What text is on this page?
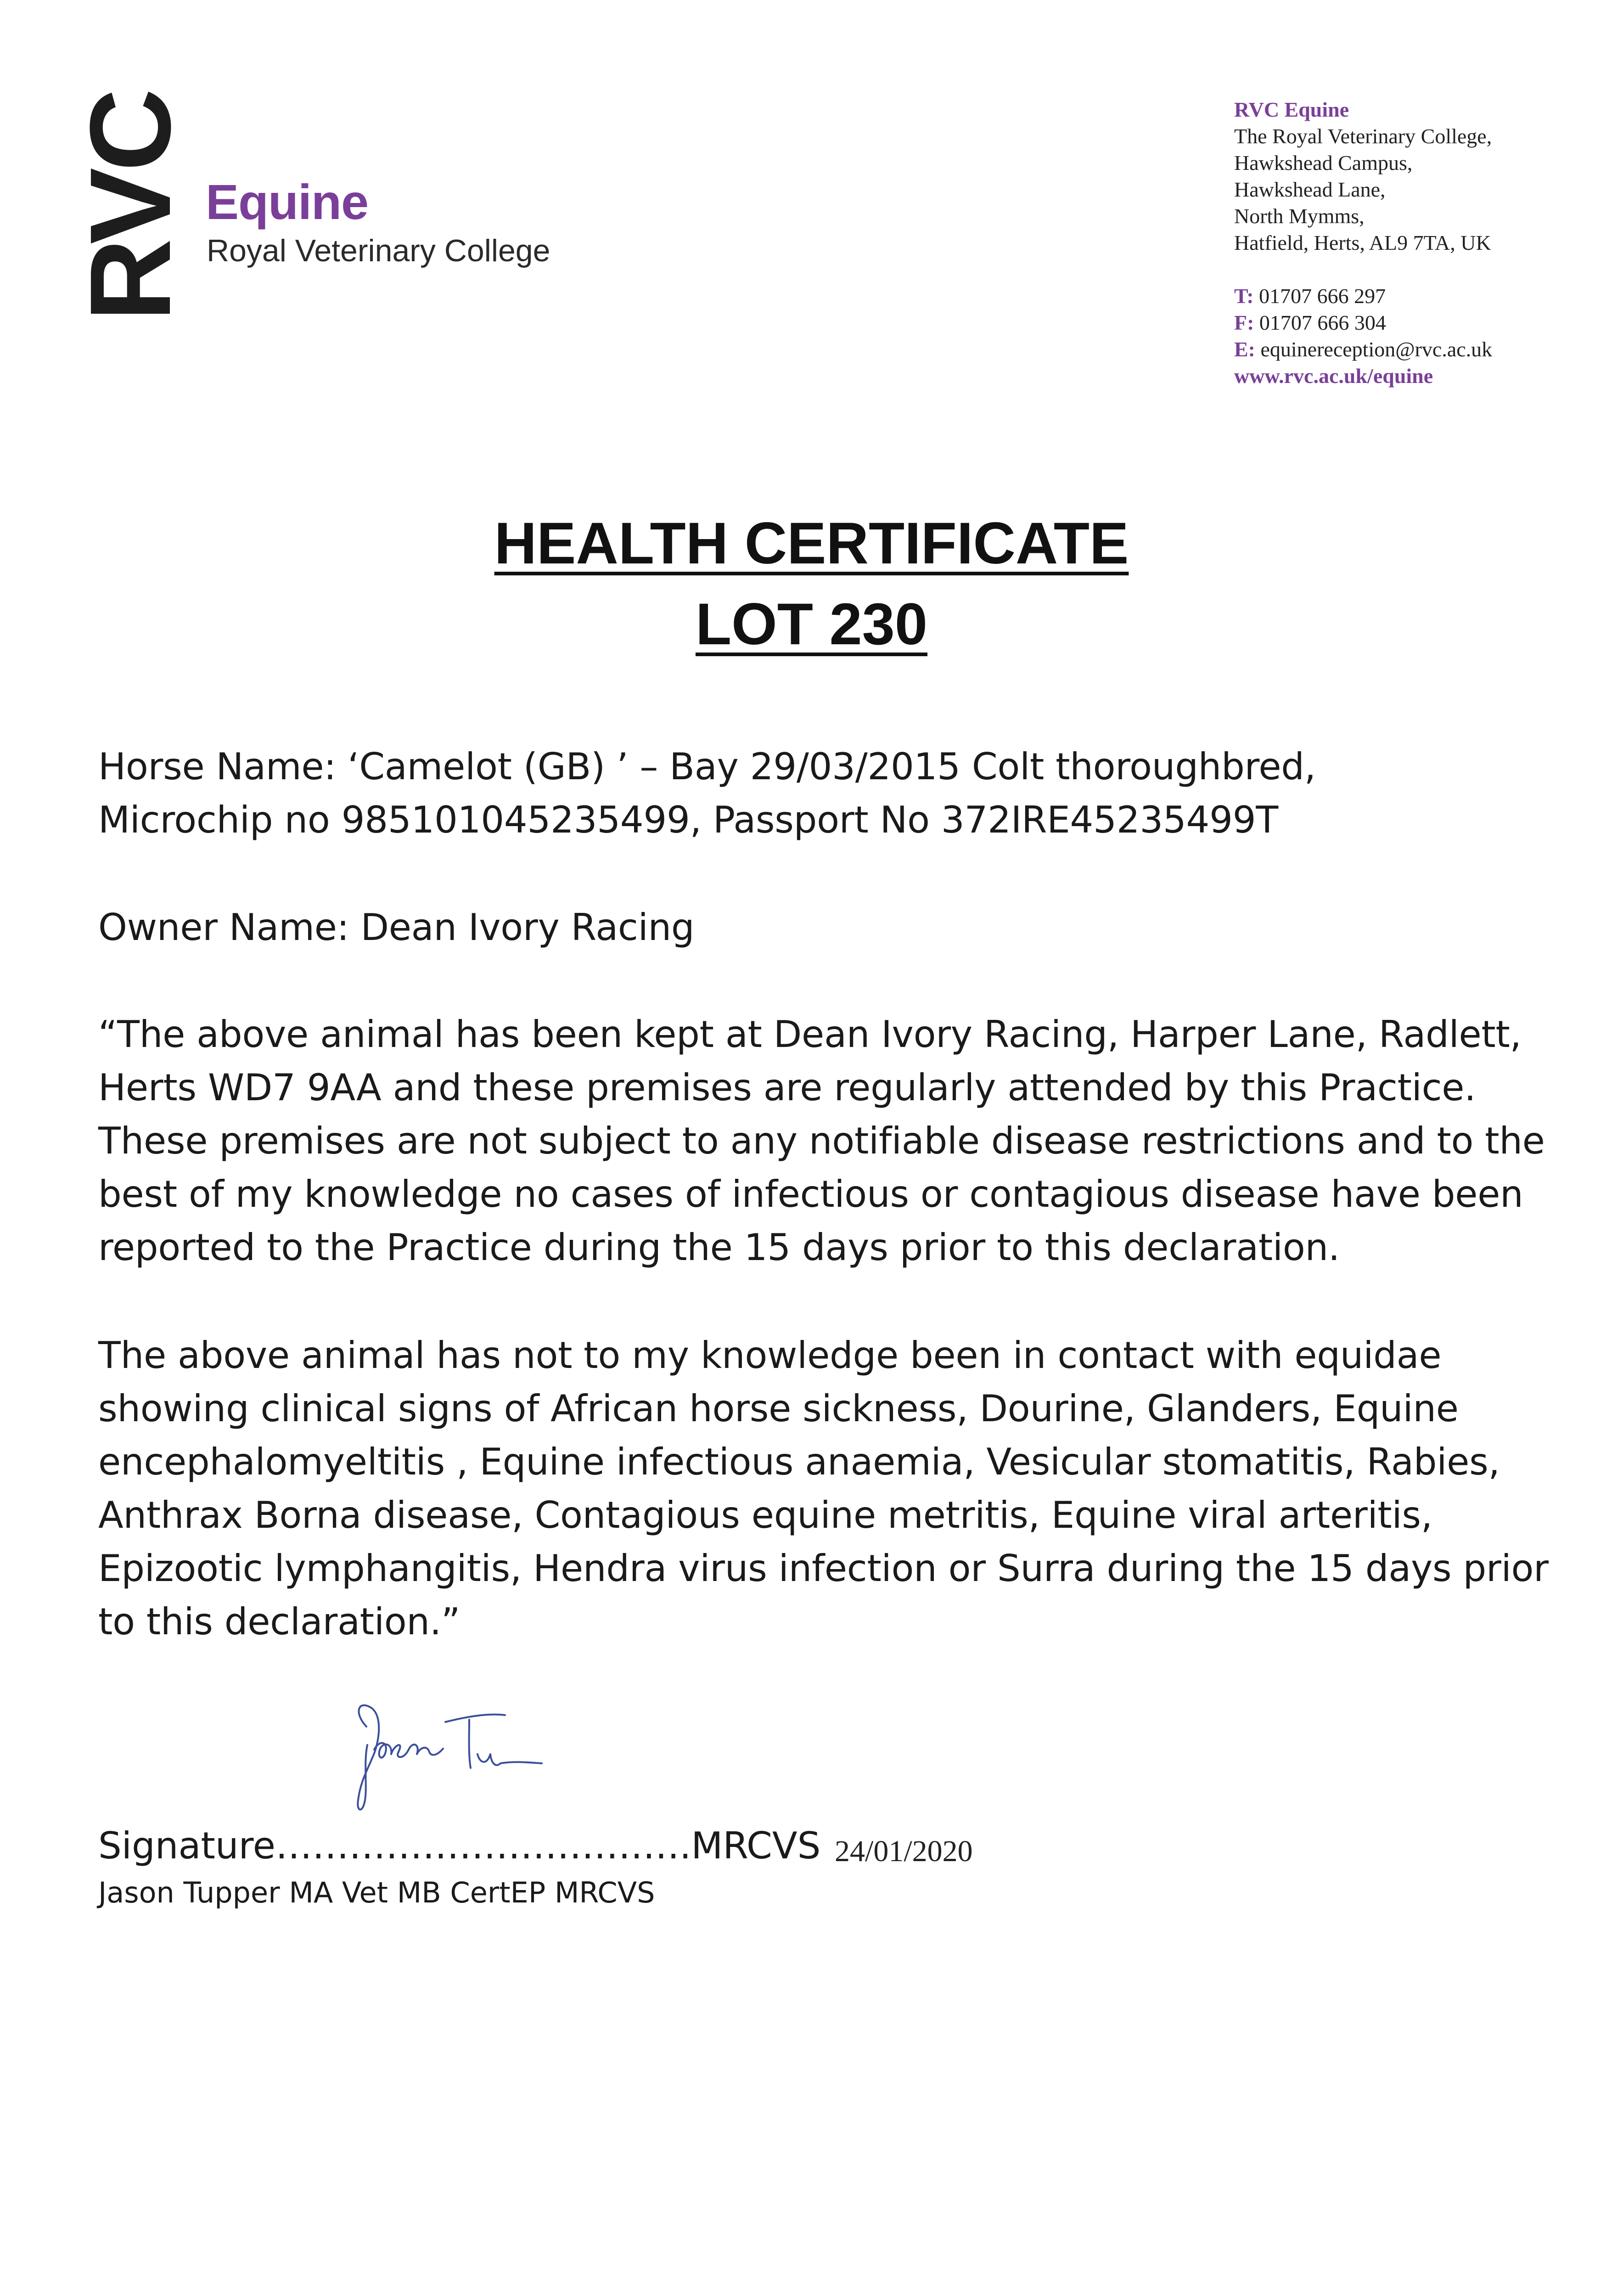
RVC Equine
Royal Veterinary College
RVC Equine
The Royal Veterinary College,
Hawkshead Campus,
Hawkshead Lane,
North Mymms,
Hatfield, Herts, AL9 7TA, UK
T: 01707 666 297
F: 01707 666 304
E: equinereception@rvc.ac.uk
www.rvc.ac.uk/equine
HEALTH CERTIFICATE
LOT 230
Horse Name: ‘Camelot (GB) ’ – Bay 29/03/2015 Colt thoroughbred,
Microchip no 985101045235499, Passport No 372IRE45235499T
Owner Name: Dean Ivory Racing
“The above animal has been kept at Dean Ivory Racing, Harper Lane, Radlett,
Herts WD7 9AA and these premises are regularly attended by this Practice.
These premises are not subject to any notifiable disease restrictions and to the
best of my knowledge no cases of infectious or contagious disease have been
reported to the Practice during the 15 days prior to this declaration.
The above animal has not to my knowledge been in contact with equidae
showing clinical signs of African horse sickness, Dourine, Glanders, Equine
encephalomyeltitis , Equine infectious anaemia, Vesicular stomatitis, Rabies,
Anthrax Borna disease, Contagious equine metritis, Equine viral arteritis,
Epizootic lymphangitis, Hendra virus infection or Surra during the 15 days prior
to this declaration.”
Signature…………………………….MRCVS 24/01/2020
Jason Tupper MA Vet MB CertEP MRCVS
